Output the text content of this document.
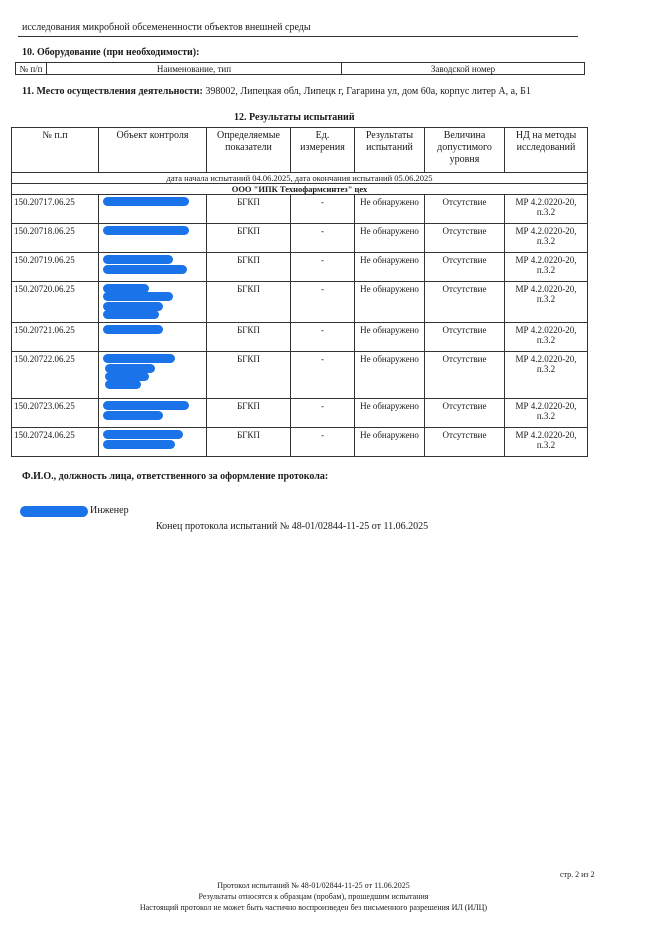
исследования микробной обсемененности объектов внешней среды
10. Оборудование (при необходимости):
№ п/п	Наименование, тип	Заводской номер
11. Место осуществления деятельности: 398002, Липецкая обл, Липецк г, Гагарина ул, дом 60а, корпус литер А, а, Б1
12. Результаты испытаний
№ п.п	Объект контроля	Определяемые показатели	Ед. измерения	Результаты испытаний	Величина допустимого уровня	НД на методы исследований
дата начала испытаний 04.06.2025, дата окончания испытаний 05.06.2025						
ООО "ИПК Технофармсинтез" цех						
150.20717.06.25		БГКП	-	Не обнаружено	Отсутствие	МР 4.2.0220-20, п.3.2
150.20718.06.25		БГКП	-	Не обнаружено	Отсутствие	МР 4.2.0220-20, п.3.2
150.20719.06.25		БГКП	-	Не обнаружено	Отсутствие	МР 4.2.0220-20, п.3.2
150.20720.06.25		БГКП	-	Не обнаружено	Отсутствие	МР 4.2.0220-20, п.3.2
150.20721.06.25		БГКП	-	Не обнаружено	Отсутствие	МР 4.2.0220-20, п.3.2
150.20722.06.25		БГКП	-	Не обнаружено	Отсутствие	МР 4.2.0220-20, п.3.2
150.20723.06.25		БГКП	-	Не обнаружено	Отсутствие	МР 4.2.0220-20, п.3.2
150.20724.06.25		БГКП	-	Не обнаружено	Отсутствие	МР 4.2.0220-20, п.3.2
Ф.И.О., должность лица, ответственного за оформление протокола:
Инженер
Конец протокола испытаний № 48-01/02844-11-25 от 11.06.2025
стр. 2 из 2
Протокол испытаний № 48-01/02844-11-25 от 11.06.2025
Результаты относятся к образцам (пробам), прошедшим испытания
Настоящий протокол не может быть частично воспроизведен без письменного разрешения ИЛ (ИЛЦ)
